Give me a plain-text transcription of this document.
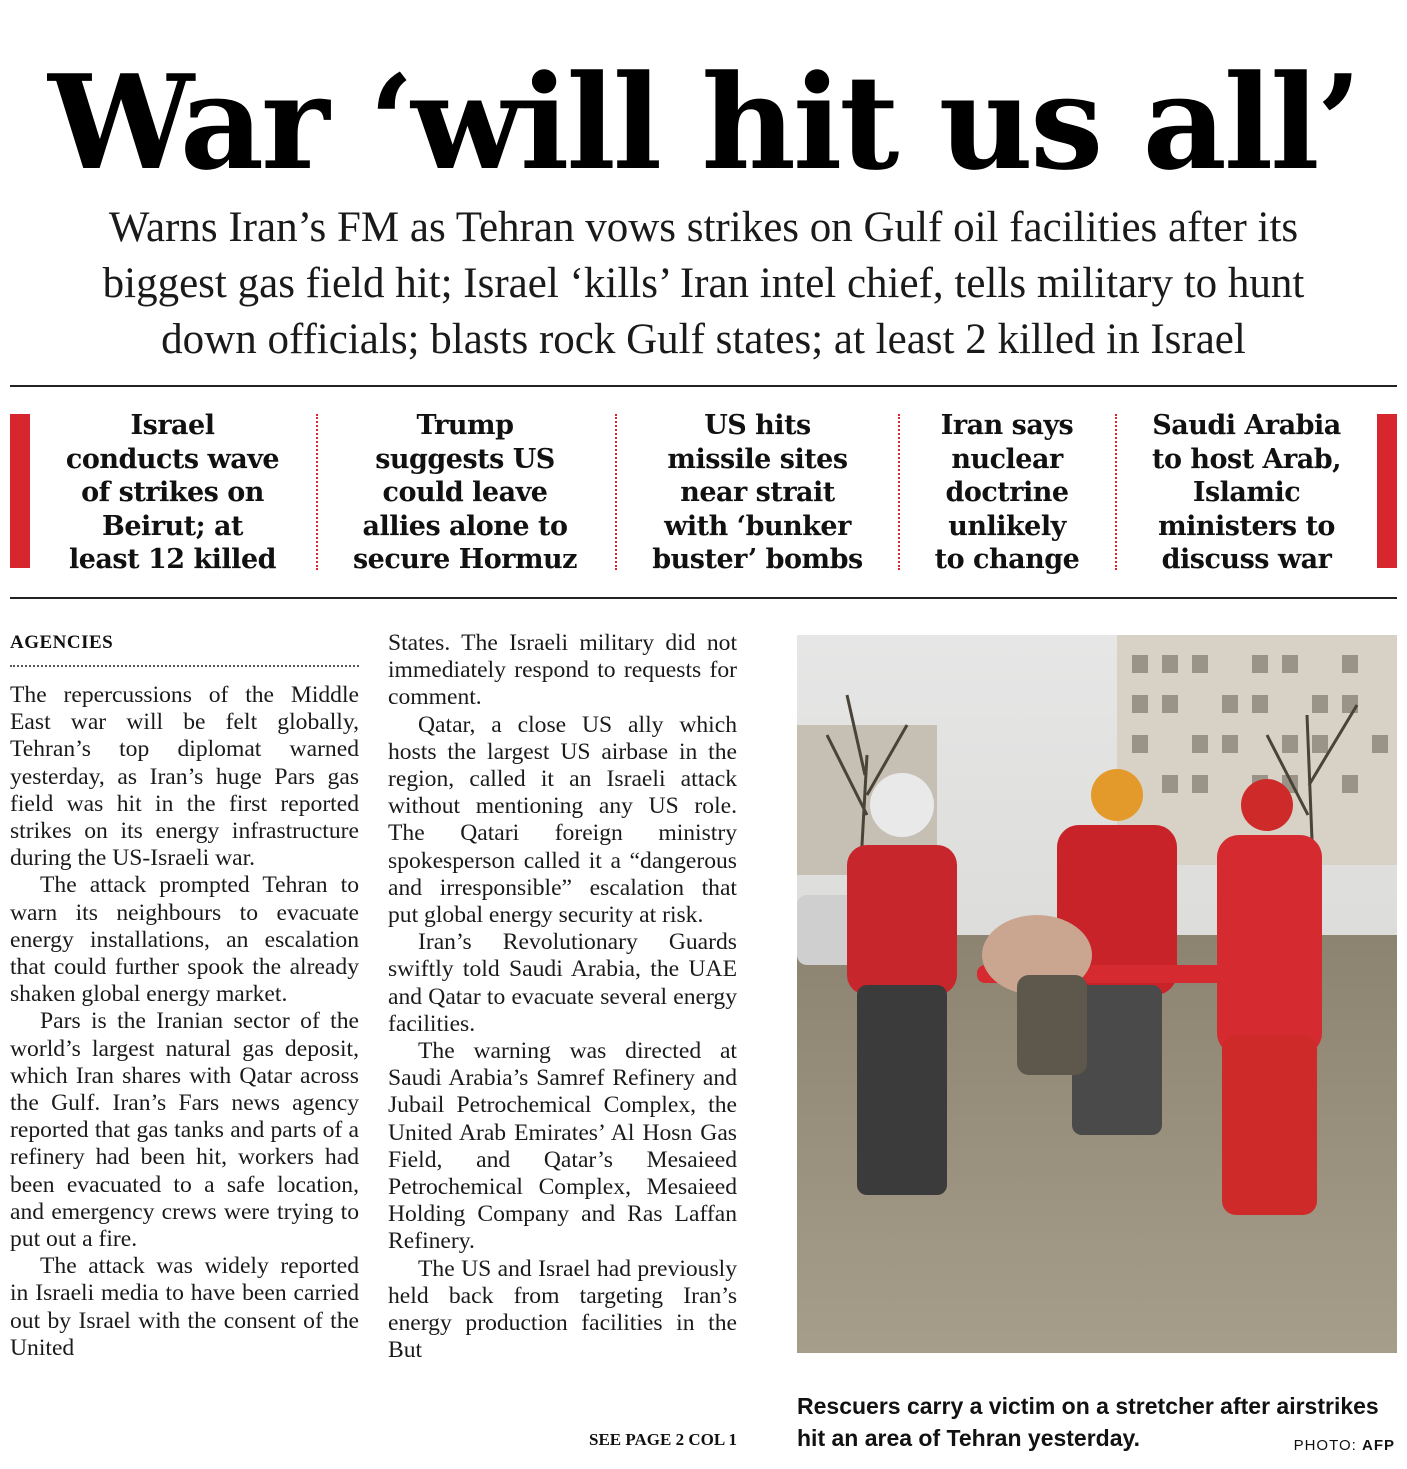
War ‘will hit us all’
Warns Iran’s FM as Tehran vows strikes on Gulf oil facilities after its
biggest gas field hit; Israel ‘kills’ Iran intel chief, tells military to hunt
down officials; blasts rock Gulf states; at least 2 killed in Israel
Israel
conducts wave
of strikes on
Beirut; at
least 12 killed
Trump
suggests US
could leave
allies alone to
secure Hormuz
US hits
missile sites
near strait
with ‘bunker
buster’ bombs
Iran says
nuclear
doctrine
unlikely
to change
Saudi Arabia
to host Arab,
Islamic
ministers to
discuss war
AGENCIES

The repercussions of the Middle East war will be felt globally, Tehran’s top diplomat warned yesterday, as Iran’s huge Pars gas field was hit in the first reported strikes on its energy infrastructure during the US-Israeli war.

The attack prompted Tehran to warn its neighbours to evacuate energy installations, an escalation that could further spook the already shaken global energy market.

Pars is the Iranian sector of the world’s largest natural gas deposit, which Iran shares with Qatar across the Gulf. Iran’s Fars news agency reported that gas tanks and parts of a refinery had been hit, workers had been evacuated to a safe location, and emergency crews were trying to put out a fire.

The attack was widely reported in Israeli media to have been carried out by Israel with the consent of the United

States. The Israeli military did not immediately respond to requests for comment.

Qatar, a close US ally which hosts the largest US airbase in the region, called it an Israeli attack without mentioning any US role. The Qatari foreign ministry spokesperson called it a “dangerous and irresponsible” escalation that put global energy security at risk.

Iran’s Revolutionary Guards swiftly told Saudi Arabia, the UAE and Qatar to evacuate several energy facilities.

The warning was directed at Saudi Arabia’s Samref Refinery and Jubail Petrochemical Complex, the United Arab Emirates’ Al Hosn Gas Field, and Qatar’s Mesaieed Petrochemical Complex, Mesaieed Holding Company and Ras Laffan Refinery.

The US and Israel had previously held back from targeting Iran’s energy production facilities in the But

SEE PAGE 2 COL 1
Rescuers carry a victim on a stretcher after airstrikes hit an area of Tehran yesterday.	PHOTO: AFP
